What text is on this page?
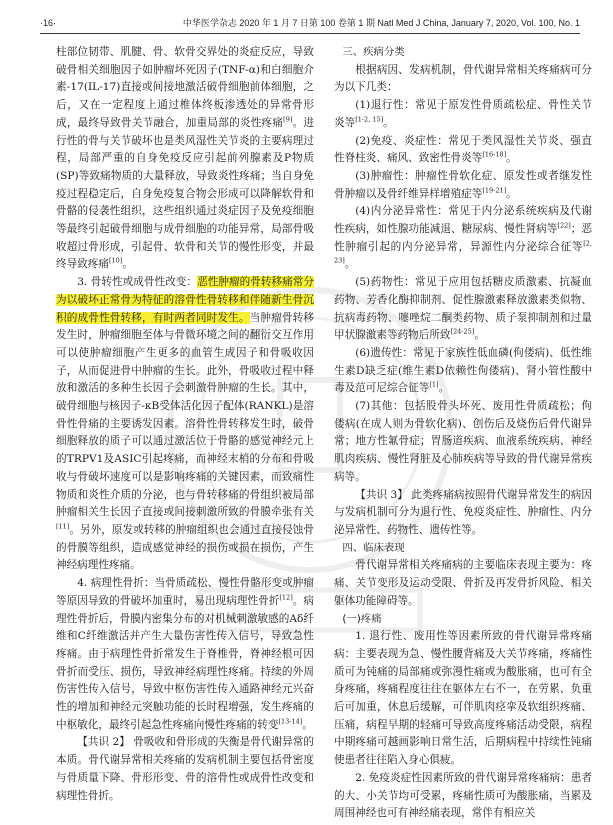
·16·	中华医学杂志 2020 年 1 月 7 日第 100 卷第 1 期 Natl Med J China, January 7, 2020, Vol. 100, No. 1

柱部位韧带、肌腱、骨、软骨交界处的炎症反应，导致破骨相关细胞因子如肿瘤坏死因子(TNF-α)和白细胞介素-17(IL-17)直接或间接地激活破骨细胞前体细胞，之后，又在一定程度上通过椎体终板渗透处的异常骨形成，最终导致骨关节融合，加重局部的炎性疼痛[9]。进行性的骨与关节破坏也是类风湿性关节炎的主要病理过程，局部严重的自身免疫反应引起前列腺素及P物质(SP)等致痛物质的大量释放，导致炎性疼痛；当自身免疫过程稳定后，自身免疫复合物会形成可以降解软骨和骨骼的侵袭性组织，这些组织通过炎症因子及免疫细胞等最终引起破骨细胞与成骨细胞的功能异常，局部骨吸收超过骨形成，引起骨、软骨和关节的慢性形变，并最终导致疼痛[10]。

3. 骨转性或成骨性改变：恶性肿瘤的骨转移痛常分为以破坏正常骨为特征的溶骨性骨转移和伴随新生骨沉积的成骨性骨转移，有时两者同时发生。当肿瘤骨转移发生时，肿瘤细胞至体与骨微环境之间的翻衍交互作用可以使肿瘤细胞产生更多的血管生成因子和骨吸收因子，从而促进骨中肿瘤的生长。此外，骨吸收过程中释放和激活的多种生长因子会刺激骨肿瘤的生长。其中，破骨细胞与核因子-κB受体活化因子配体(RANKL)是溶骨性骨痛的主要诱发因素。溶骨性骨转移发生时，破骨细胞释放的质子可以通过激活位于骨骼的感觉神经元上的TRPV1及ASIC引起疼痛，而神经末梢的分布和骨吸收与骨破坏速度可以是影响疼痛的关键因素，而致痛性物质和炎性介质的分泌，也与骨转移痛的骨组织被局部肿瘤相关生长因子直接或间接刺激所致的骨膜牵张有关[11]。另外，原发或转移的肿瘤组织也会通过直接侵蚀骨的骨膜等组织，造成感觉神经的损伤或损在损伤，产生神经病理性疼痛。

4. 病理性骨折：当骨质疏松、慢性骨骼形变或肿瘤等原因导致的骨破坏加重时，易出现病理性骨折[12]。病理性骨折后，骨膜内密集分布的对机械刺激敏感的Aδ纤维和C纤维激活并产生大量伤害性传入信号，导致急性疼痛。由于病理性骨折常发生于脊椎骨，脊神经根可因骨折而受压、损伤，导致神经病理性疼痛。持续的外周伤害性传入信号，导致中枢伤害性传入通路神经元兴奋性的增加和神经元突触功能的长时程增强，发生疼痛的中枢敏化，最终引起急性疼痛向慢性疼痛的转变[13-14]。

【共识 2】 骨吸收和骨形成的失衡是骨代谢异常的本质。骨代谢异常相关疼痛的发病机制主要包括骨密度与骨质量下降、骨形形变、骨的溶骨性或成骨性改变和病理性骨折。

三、疾病分类

根据病因、发病机制，骨代谢异常相关疼痛病可分为以下几类：

(1)退行性：常见于原发性骨质疏松症、骨性关节炎等[1-2, 15]。

(2)免疫、炎症性：常见于类风湿性关节炎、强直性脊柱炎、痛风、致密性骨炎等[16-18]。

(3)肿瘤性：肿瘤性骨软化症、原发性或者继发性骨肿瘤以及骨纤维异样增殖症等[19-21]。

(4)内分泌异常性：常见于内分泌系统疾病及代谢性疾病，如性腺功能减退、糖尿病、慢性肾病等[22]；恶性肿瘤引起的内分泌异常，异源性内分泌综合征等[2, 23]。

(5)药物性：常见于应用包括糖皮质激素、抗凝血药物、芳香化酶抑制剂、促性腺激素释放激素类似物、抗病毒药物、噻唑烷二酮类药物、质子泵抑制剂和过量甲状腺激素等药物后所致[24-25]。

(6)遗传性：常见于家族性低血磷(佝偻病)、低性维生素D缺乏症(维生素D依赖性佝偻病)、肾小管性酸中毒及范可尼综合征等[1]。

(7)其他：包括股骨头坏死、废用性骨质疏松；佝偻病(在成人则为骨软化病)、创伤后及烧伤后骨代谢异常；地方性氟骨症；胃肠道疾病、血液系统疾病、神经肌肉疾病、慢性肾脏及心肺疾病等导致的骨代谢异常疾病等。

【共识 3】 此类疼痛病按照骨代谢异常发生的病因与发病机制可分为退行性、免疫炎症性、肿瘤性、内分泌异常性、药物性、遗传性等。

四、临床表现

骨代谢异常相关疼痛病的主要临床表现主要为：疼痛、关节变形及运动受限、骨折及再发骨折风险、相关躯体功能障碍等。

(一)疼痛

1. 退行性、废用性等因素所致的骨代谢异常疼痛病：主要表现为急、慢性腰背痛及大关节疼痛，疼痛性质可为钝痛的局部痛或弥漫性痛或为酸胀痛，也可有全身疼痛，疼痛程度往往在躯体左右不一，在劳累、负重后可加重，休息后缓解，可伴肌肉痉挛及软组织疼痛、压痛，病程早期的轻痛可导致高度疼痛活动受限，病程中期疼痛可越画影响日常生活，后期病程中持续性钝痛使患者往往陷入身心俱疲。

2. 免疫炎症性因素所致的骨代谢异常疼痛病：患者的大、小关节均可受累，疼痛性质可为酸胀痛，当累及周围神经也可有神经痛表现，常伴有相应关
